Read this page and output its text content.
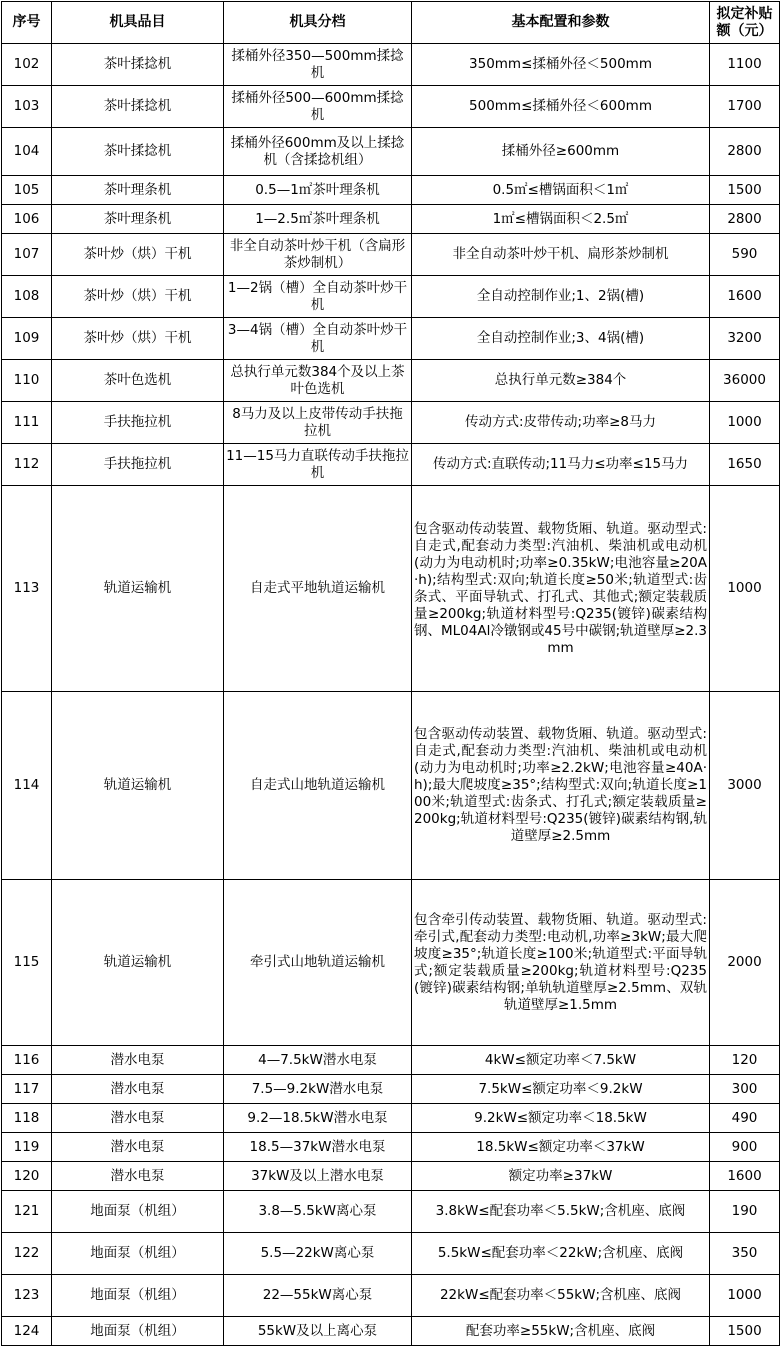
序号	机具品目	机具分档	基本配置和参数	拟定补贴额（元）
102	茶叶揉捻机	揉桶外径350—500mm揉捻机	350mm≤揉桶外径＜500mm	1100
103	茶叶揉捻机	揉桶外径500—600mm揉捻机	500mm≤揉桶外径＜600mm	1700
104	茶叶揉捻机	揉桶外径600mm及以上揉捻机（含揉捻机组）	揉桶外径≥600mm	2800
105	茶叶理条机	0.5—1㎡茶叶理条机	0.5㎡≤槽锅面积＜1㎡	1500
106	茶叶理条机	1—2.5㎡茶叶理条机	1㎡≤槽锅面积＜2.5㎡	2800
107	茶叶炒（烘）干机	非全自动茶叶炒干机（含扁形茶炒制机）	非全自动茶叶炒干机、扁形茶炒制机	590
108	茶叶炒（烘）干机	1—2锅（槽）全自动茶叶炒干机	全自动控制作业;1、2锅(槽)	1600
109	茶叶炒（烘）干机	3—4锅（槽）全自动茶叶炒干机	全自动控制作业;3、4锅(槽)	3200
110	茶叶色选机	总执行单元数384个及以上茶叶色选机	总执行单元数≥384个	36000
111	手扶拖拉机	8马力及以上皮带传动手扶拖拉机	传动方式:皮带传动;功率≥8马力	1000
112	手扶拖拉机	11—15马力直联传动手扶拖拉机	传动方式:直联传动;11马力≤功率≤15马力	1650
113	轨道运输机	自走式平地轨道运输机	包含驱动传动装置、载物货厢、轨道。驱动型式:自走式,配套动力类型:汽油机、柴油机或电动机(动力为电动机时;功率≥0.35kW;电池容量≥20A·h);结构型式:双向;轨道长度≥50米;轨道型式:齿条式、平面导轨式、打孔式、其他式;额定装载质量≥200kg;轨道材料型号:Q235(镀锌)碳素结构钢、ML04Al冷镦钢或45号中碳钢;轨道壁厚≥2.3mm	1000
114	轨道运输机	自走式山地轨道运输机	包含驱动传动装置、载物货厢、轨道。驱动型式:自走式,配套动力类型:汽油机、柴油机或电动机(动力为电动机时;功率≥2.2kW;电池容量≥40A·h);最大爬坡度≥35°;结构型式:双向;轨道长度≥100米;轨道型式:齿条式、打孔式;额定装载质量≥200kg;轨道材料型号:Q235(镀锌)碳素结构钢,轨道壁厚≥2.5mm	3000
115	轨道运输机	牵引式山地轨道运输机	包含牵引传动装置、载物货厢、轨道。驱动型式:牵引式,配套动力类型:电动机,功率≥3kW;最大爬坡度≥35°;轨道长度≥100米;轨道型式:平面导轨式;额定装载质量≥200kg;轨道材料型号:Q235(镀锌)碳素结构钢;单轨轨道壁厚≥2.5mm、双轨轨道壁厚≥1.5mm	2000
116	潜水电泵	4—7.5kW潜水电泵	4kW≤额定功率＜7.5kW	120
117	潜水电泵	7.5—9.2kW潜水电泵	7.5kW≤额定功率＜9.2kW	300
118	潜水电泵	9.2—18.5kW潜水电泵	9.2kW≤额定功率＜18.5kW	490
119	潜水电泵	18.5—37kW潜水电泵	18.5kW≤额定功率＜37kW	900
120	潜水电泵	37kW及以上潜水电泵	额定功率≥37kW	1600
121	地面泵（机组）	3.8—5.5kW离心泵	3.8kW≤配套功率＜5.5kW;含机座、底阀	190
122	地面泵（机组）	5.5—22kW离心泵	5.5kW≤配套功率＜22kW;含机座、底阀	350
123	地面泵（机组）	22—55kW离心泵	22kW≤配套功率＜55kW;含机座、底阀	1000
124	地面泵（机组）	55kW及以上离心泵	配套功率≥55kW;含机座、底阀	1500
